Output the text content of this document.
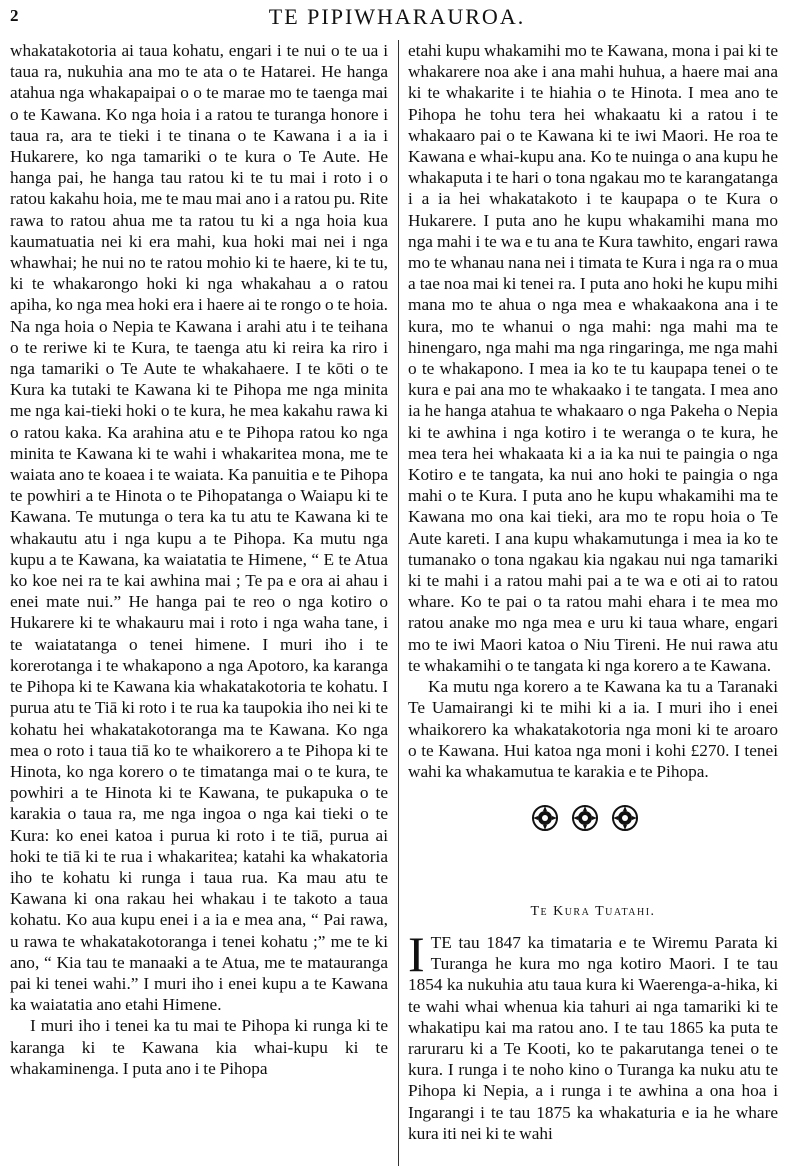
2	TE PIPIWHARAUROA.

whakatakotoria ai taua kohatu, engari i te nui o te ua i taua ra, nukuhia ana mo te ata o te Hatarei. He hanga atahua nga whakapaipai o o te marae mo te taenga mai o te Kawana. Ko nga hoia i a ratou te turanga honore i taua ra, ara te tieki i te tinana o te Kawana i a ia i Hukarere, ko nga tamariki o te kura o Te Aute. He hanga pai, he hanga tau ratou ki te tu mai i roto i o ratou kakahu hoia, me te mau mai ano i a ratou pu. Rite rawa to ratou ahua me ta ratou tu ki a nga hoia kua kaumatuatia nei ki era mahi, kua hoki mai nei i nga whawhai; he nui no te ratou mohio ki te haere, ki te tu, ki te whakarongo hoki ki nga whakahau a o ratou apiha, ko nga mea hoki era i haere ai te rongo o te hoia. Na nga hoia o Nepia te Kawana i arahi atu i te teihana o te reriwe ki te Kura, te taenga atu ki reira ka riro i nga tamariki o Te Aute te whakahaere. I te kōti o te Kura ka tutaki te Kawana ki te Pihopa me nga minita me nga kai-tieki hoki o te kura, he mea kakahu rawa ki o ratou kaka. Ka arahina atu e te Pihopa ratou ko nga minita te Kawana ki te wahi i whakaritea mona, me te waiata ano te koaea i te waiata. Ka panuitia e te Pihopa te powhiri a te Hinota o te Pihopatanga o Waiapu ki te Kawana. Te mutunga o tera ka tu atu te Kawana ki te whakautu atu i nga kupu a te Pihopa. Ka mutu nga kupu a te Kawana, ka waiatatia te Himene, “ E te Atua ko koe nei ra te kai awhina mai ; Te pa e ora ai ahau i enei mate nui.” He hanga pai te reo o nga kotiro o Hukarere ki te whakauru mai i roto i nga waha tane, i te waiatatanga o tenei himene. I muri iho i te korerotanga i te whakapono a nga Apotoro, ka karanga te Pihopa ki te Kawana kia whakatakotoria te kohatu. I purua atu te Tiā ki roto i te rua ka taupokia iho nei ki te kohatu hei whakatakotoranga ma te Kawana. Ko nga mea o roto i taua tiā ko te whaikorero a te Pihopa ki te Hinota, ko nga korero o te timatanga mai o te kura, te powhiri a te Hinota ki te Kawana, te pukapuka o te karakia o taua ra, me nga ingoa o nga kai tieki o te Kura: ko enei katoa i purua ki roto i te tiā, purua ai hoki te tiā ki te rua i whakaritea; katahi ka whakatoria iho te kohatu ki runga i taua rua. Ka mau atu te Kawana ki ona rakau hei whakau i te takoto a taua kohatu. Ko aua kupu enei i a ia e mea ana, “ Pai rawa, u rawa te whakatakotoranga i tenei kohatu ;” me te ki ano, “ Kia tau te manaaki a te Atua, me te matauranga pai ki tenei wahi.” I muri iho i enei kupu a te Kawana ka waiatatia ano etahi Himene.

I muri iho i tenei ka tu mai te Pihopa ki runga ki te karanga ki te Kawana kia whai-kupu ki te whakaminenga. I puta ano i te Pihopa

etahi kupu whakamihi mo te Kawana, mona i pai ki te whakarere noa ake i ana mahi huhua, a haere mai ana ki te whakarite i te hiahia o te Hinota. I mea ano te Pihopa he tohu tera hei whakaatu ki a ratou i te whakaaro pai o te Kawana ki te iwi Maori. He roa te Kawana e whai-kupu ana. Ko te nuinga o ana kupu he whakaputa i te hari o tona ngakau mo te karangatanga i a ia hei whakatakoto i te kaupapa o te Kura o Hukarere. I puta ano he kupu whakamihi mana mo nga mahi i te wa e tu ana te Kura tawhito, engari rawa mo te whanau nana nei i timata te Kura i nga ra o mua a tae noa mai ki tenei ra. I puta ano hoki he kupu mihi mana mo te ahua o nga mea e whakaakona ana i te kura, mo te whanui o nga mahi: nga mahi ma te hinengaro, nga mahi ma nga ringaringa, me nga mahi o te whakapono. I mea ia ko te tu kaupapa tenei o te kura e pai ana mo te whakaako i te tangata. I mea ano ia he hanga atahua te whakaaro o nga Pakeha o Nepia ki te awhina i nga kotiro i te weranga o te kura, he mea tera hei whakaata ki a ia ka nui te paingia o nga Kotiro e te tangata, ka nui ano hoki te paingia o nga mahi o te Kura. I puta ano he kupu whakamihi ma te Kawana mo ona kai tieki, ara mo te ropu hoia o Te Aute kareti. I ana kupu whakamutunga i mea ia ko te tumanako o tona ngakau kia ngakau nui nga tamariki ki te mahi i a ratou mahi pai a te wa e oti ai to ratou whare. Ko te pai o ta ratou mahi ehara i te mea mo ratou anake mo nga mea e uru ki taua whare, engari mo te iwi Maori katoa o Niu Tireni. He nui rawa atu te whakamihi o te tangata ki nga korero a te Kawana.

Ka mutu nga korero a te Kawana ka tu a Taranaki Te Uamairangi ki te mihi ki a ia. I muri iho i enei whaikorero ka whakatakotoria nga moni ki te aroaro o te Kawana. Hui katoa nga moni i kohi £270. I tenei wahi ka whakamutua te karakia e te Pihopa.

Te Kura Tuatahi.

ITE tau 1847 ka timataria e te Wiremu Parata ki Turanga he kura mo nga kotiro Maori. I te tau 1854 ka nukuhia atu taua kura ki Waerenga-a-hika, ki te wahi whai whenua kia tahuri ai nga tamariki ki te whakatipu kai ma ratou ano. I te tau 1865 ka puta te raruraru ki a Te Kooti, ko te pakarutanga tenei o te kura. I runga i te noho kino o Turanga ka nuku atu te Pihopa ki Nepia, a i runga i te awhina a ona hoa i Ingarangi i te tau 1875 ka whakaturia e ia he whare kura iti nei ki te wahi
